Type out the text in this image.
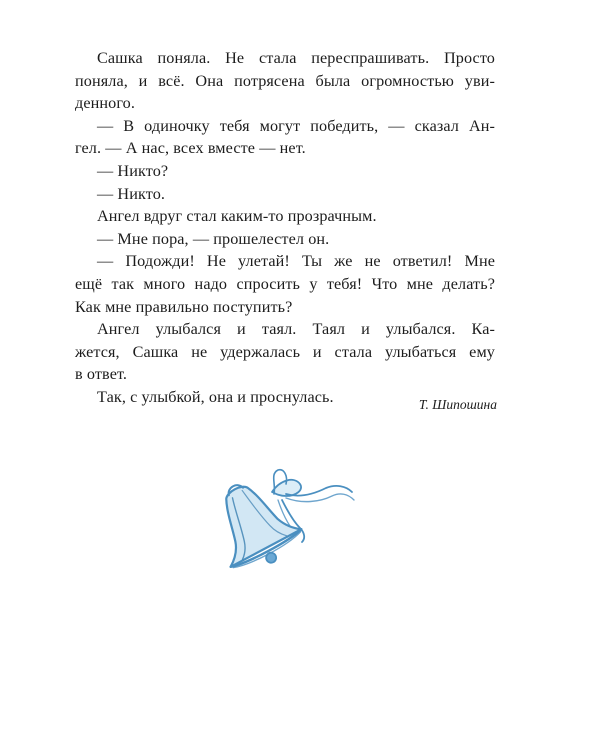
Сашка поняла. Не стала переспрашивать. Просто
поняла, и всё. Она потрясена была огромностью уви-
денного.
— В одиночку тебя могут победить, — сказал Ан-
гел. — А нас, всех вместе — нет.
— Никто?
— Никто.
Ангел вдруг стал каким-то прозрачным.
— Мне пора, — прошелестел он.
— Подожди! Не улетай! Ты же не ответил! Мне
ещё так много надо спросить у тебя! Что мне делать?
Как мне правильно поступить?
Ангел улыбался и таял. Таял и улыбался. Ка-
жется, Сашка не удержалась и стала улыбаться ему
в ответ.
Так, с улыбкой, она и проснулась.	Т. Шипошина
